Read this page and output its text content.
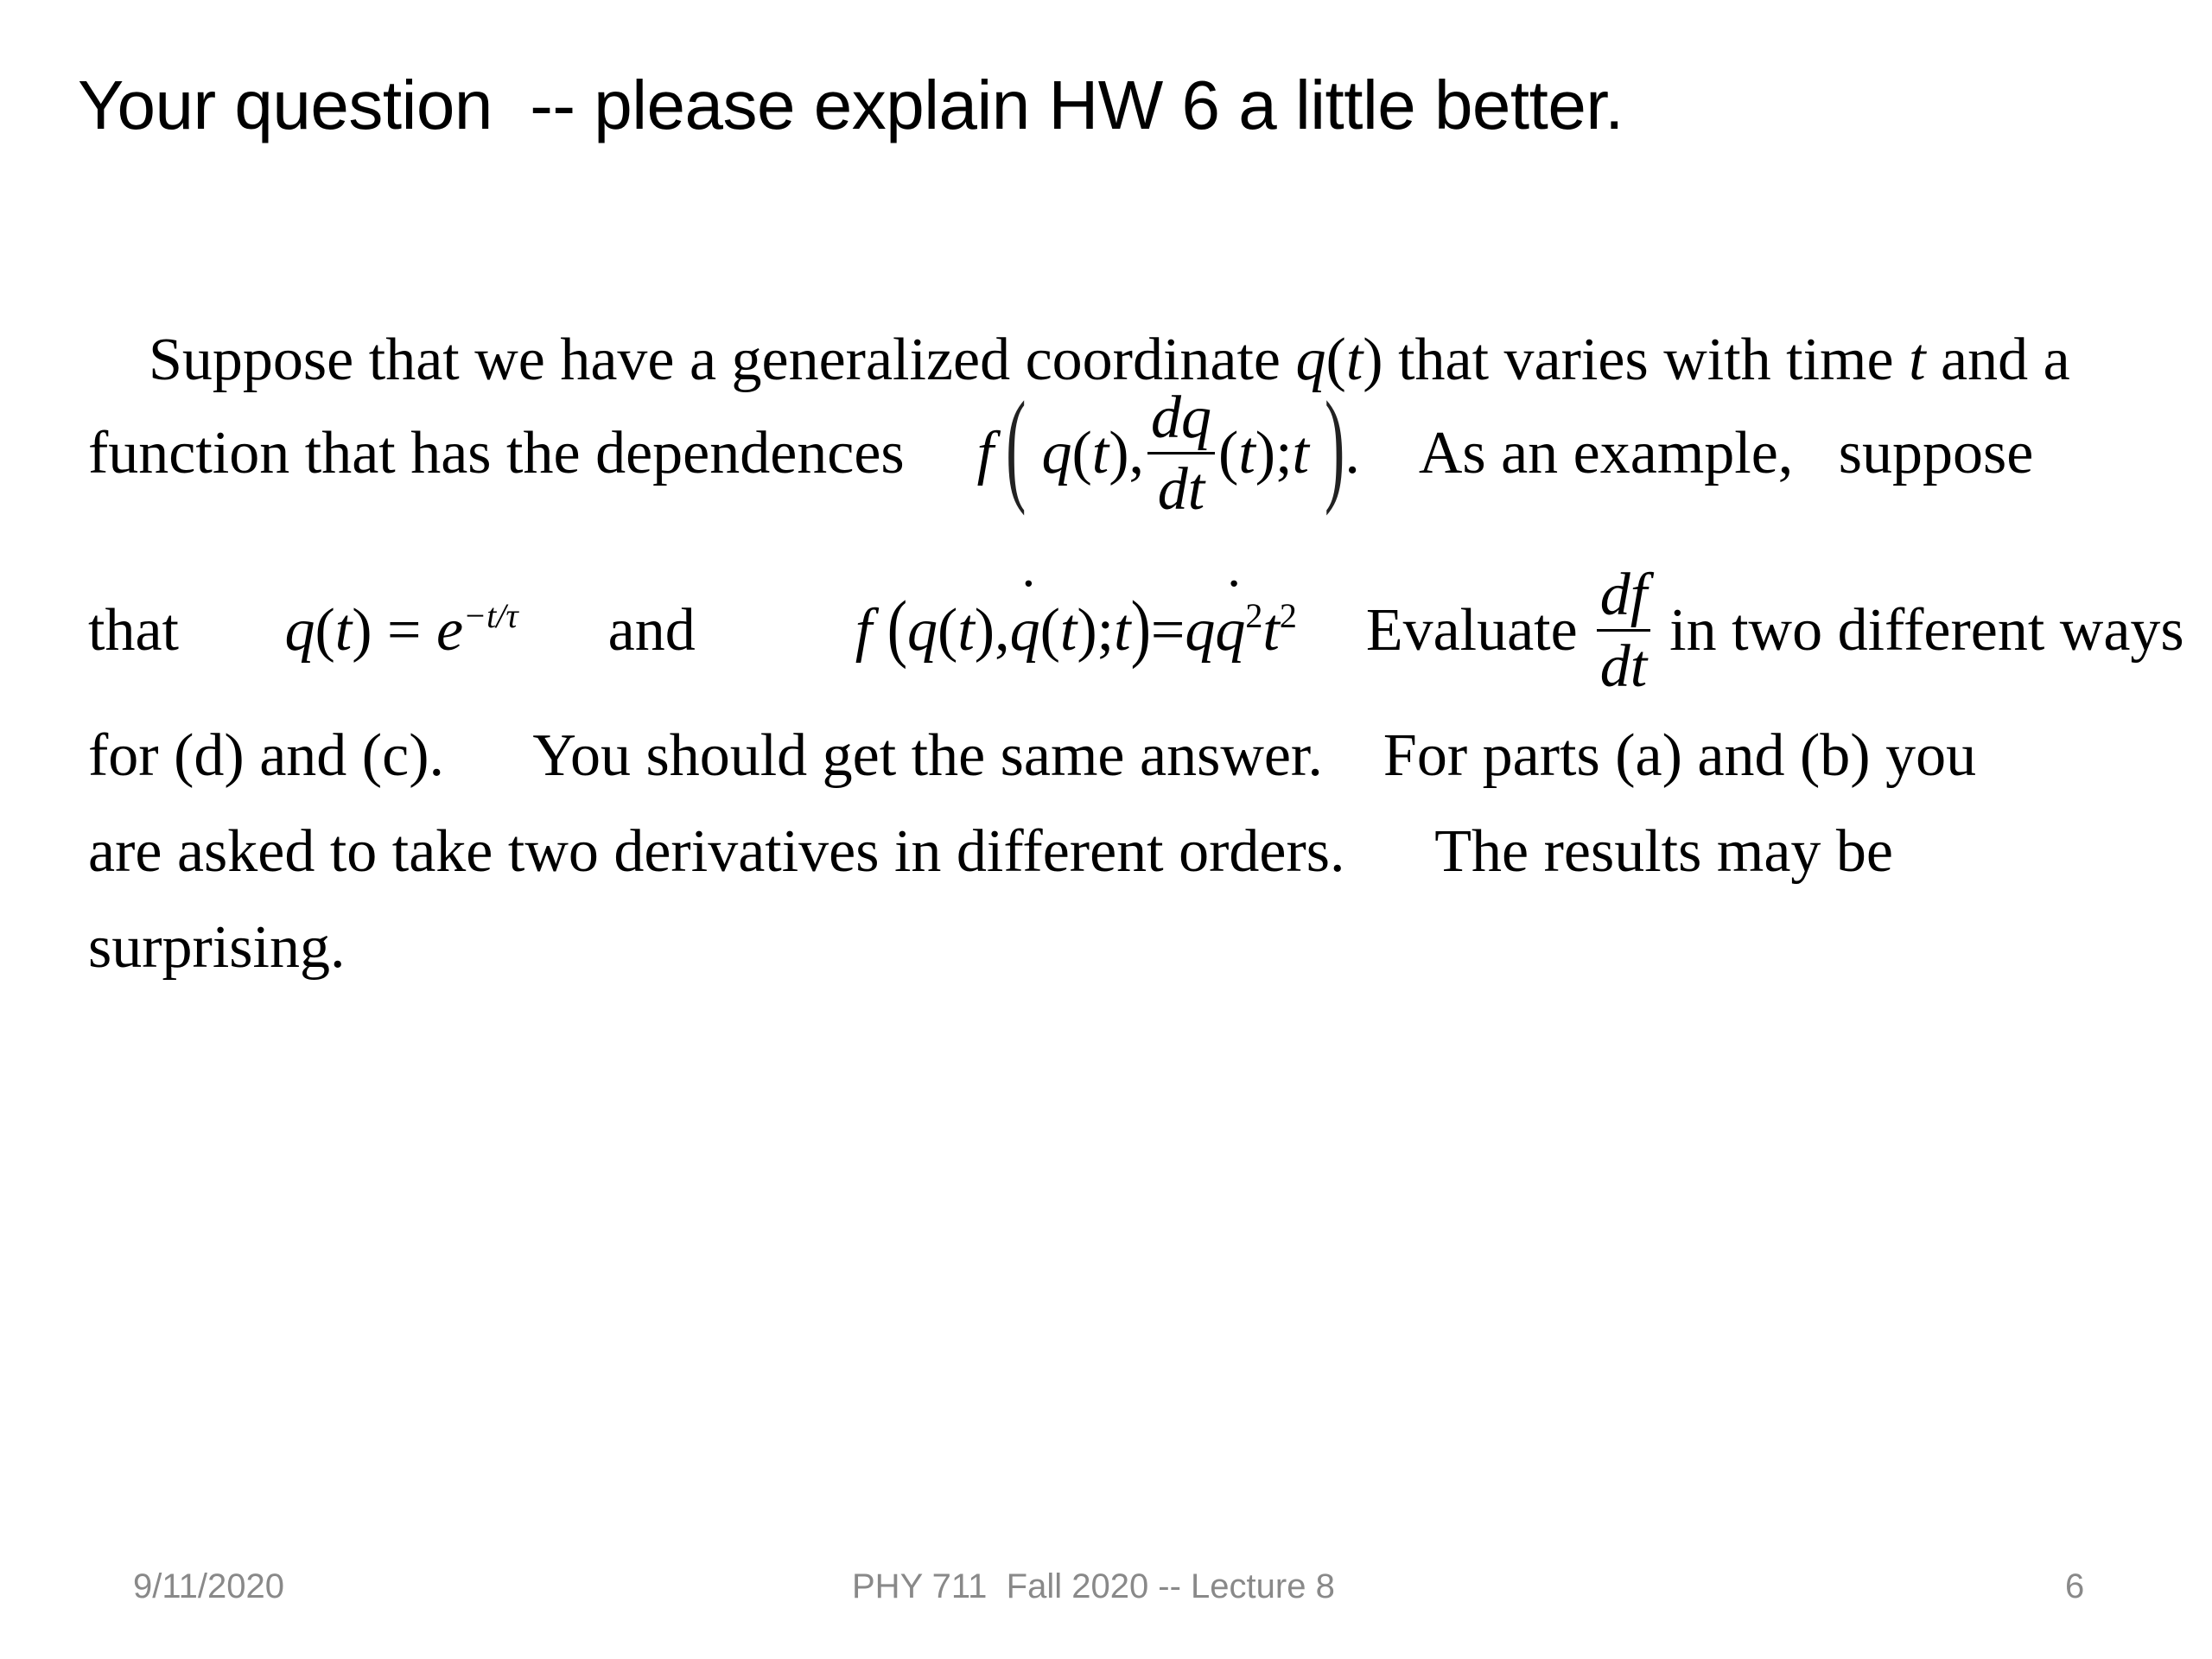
Your question  -- please explain HW 6 a little better.

Suppose that we have a generalized coordinate q(t) that varies with time t and a

function that has the dependences f ( q ( t ), $\frac{dq}{dt}$ ( t ); t ) . As an example,   suppose
that	$q(t) = e^{-t/\tau}$
and	f (q(t),˙ q(t);t)=q˙ $q^2t^2$
Evaluate $\frac{df}{dt}$ in two different ways
for (d) and (c).      You should get the same answer.    For parts (a) and (b) you
are asked to take two derivatives in different orders.      The results may be
surprising.
9/11/2020	PHY 711  Fall 2020 -- Lecture 8	6
